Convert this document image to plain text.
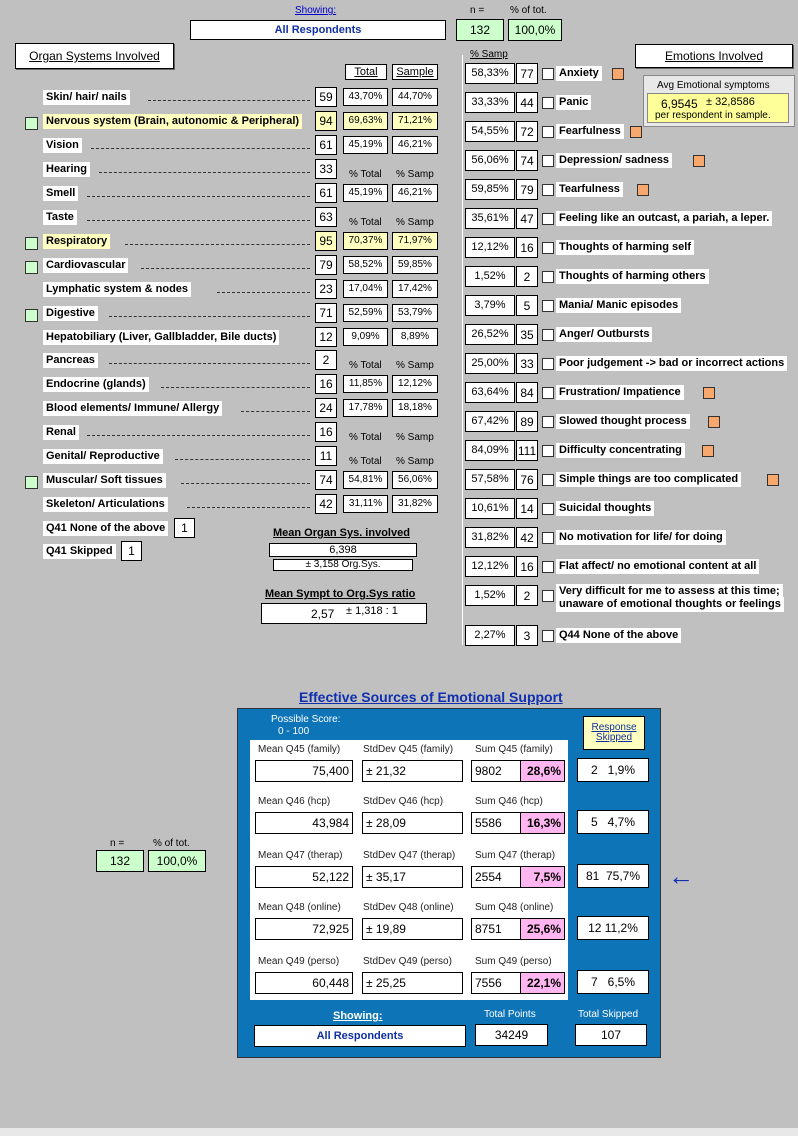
Showing:
All Respondents
n =	% of tot.
132	100,0%
Organ Systems Involved
Total	Sample
Skin/ hair/ nails	59	43,70%	44,70%
Nervous system (Brain, autonomic & Peripheral)	94	69,63%	71,21%
Vision	61	45,19%	46,21%
Hearing	33	% Total % Samp
Smell	61	45,19%	46,21%
Taste	63	% Total % Samp
Respiratory	95	70,37%	71,97%
Cardiovascular	79	58,52%	59,85%
Lymphatic system & nodes	23	17,04%	17,42%
Digestive	71	52,59%	53,79%
Hepatobiliary (Liver, Gallbladder, Bile ducts)	12	9,09%	8,89%
Pancreas	2	% Total % Samp
Endocrine (glands)	16	11,85%	12,12%
Blood elements/ Immune/ Allergy	24	17,78%	18,18%
Renal	16	% Total % Samp
Genital/ Reproductive	11	% Total % Samp
Muscular/ Soft tissues	74	54,81%	56,06%
Skeleton/ Articulations	42	31,11%	31,82%
Q41 None of the above	1
Q41 Skipped	1
Mean Organ Sys. involved
6,398
± 3,158 Org.Sys.
Mean Sympt to Org.Sys ratio
2,57 ± 1,318 : 1
% Samp	Emotions Involved
Avg Emotional symptoms
6,9545 ± 32,8586
per respondent in sample.
58,33% 77	Anxiety
33,33% 44	Panic
54,55% 72	Fearfulness
56,06% 74	Depression/ sadness
59,85% 79	Tearfulness
35,61% 47	Feeling like an outcast, a pariah, a leper.
12,12% 16	Thoughts of harming self
1,52%	2	Thoughts of harming others
3,79%	5	Mania/ Manic episodes
26,52% 35	Anger/ Outbursts
25,00% 33	Poor judgement -> bad or incorrect actions
63,64% 84	Frustration/ Impatience
67,42% 89	Slowed thought process
84,09% 111 Difficulty concentrating
57,58% 76	Simple things are too complicated
10,61% 14	Suicidal thoughts
31,82% 42	No motivation for life/ for doing
12,12% 16	Flat affect/ no emotional content at all
1,52%	2	Very difficult for me to assess at this time;
unaware of emotional thoughts or feelings
2,27%	3	Q44 None of the above
Effective Sources of Emotional Support
Possible Score:
0 - 100	Response Skipped
Mean Q45 (family) StdDev Q45 (family) Sum Q45 (family)
75,400	± 21,32	9802	28,6%	2   1,9%
Mean Q46 (hcp)	StdDev Q46 (hcp)	Sum Q46 (hcp)
43,984	± 28,09	5586	16,3%	5   4,7%
Mean Q47 (therap) StdDev Q47 (therap) Sum Q47 (therap)
52,122	± 35,17	2554	7,5%	81  75,7%
Mean Q48 (online) StdDev Q48 (online) Sum Q48 (online)
72,925	± 19,89	8751	25,6%	12 11,2%
Mean Q49 (perso) StdDev Q49 (perso) Sum Q49 (perso)
60,448	± 25,25	7556	22,1%	7   6,5%
Showing:
All Respondents
Total Points
34249
Total Skipped
107
n =	% of tot.
132	100,0%	←
